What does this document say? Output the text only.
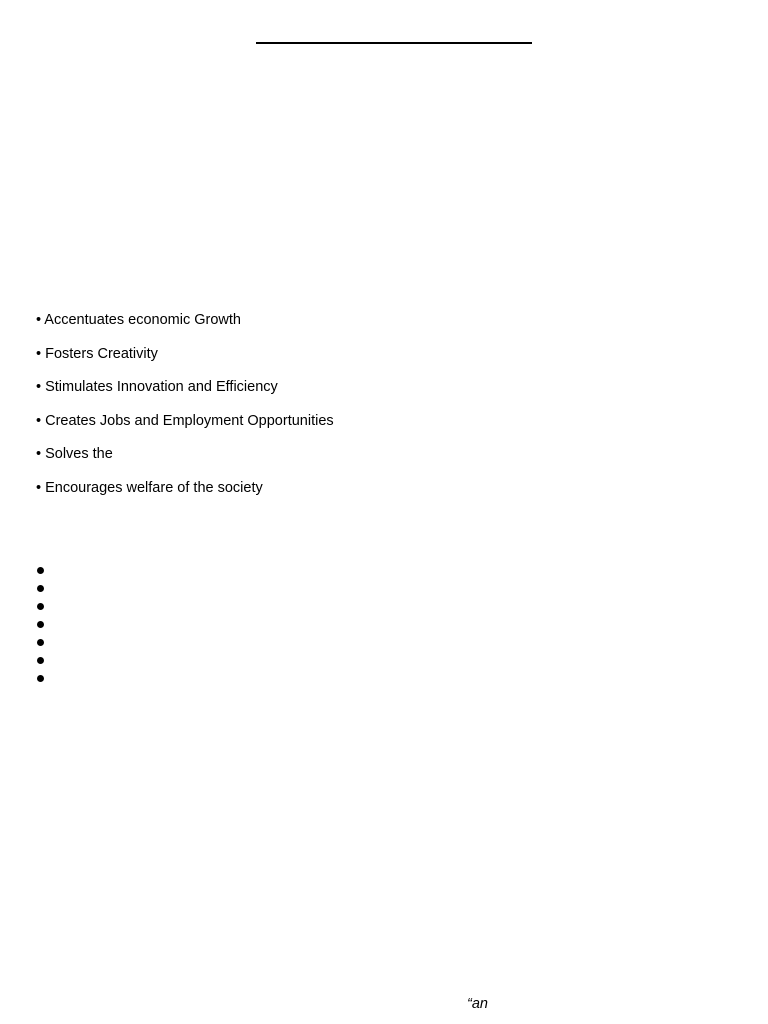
• Accentuates economic Growth
• Fosters Creativity
• Stimulates Innovation and Efficiency
• Creates Jobs and Employment Opportunities
• Solves the
• Encourages welfare of the society
“an
